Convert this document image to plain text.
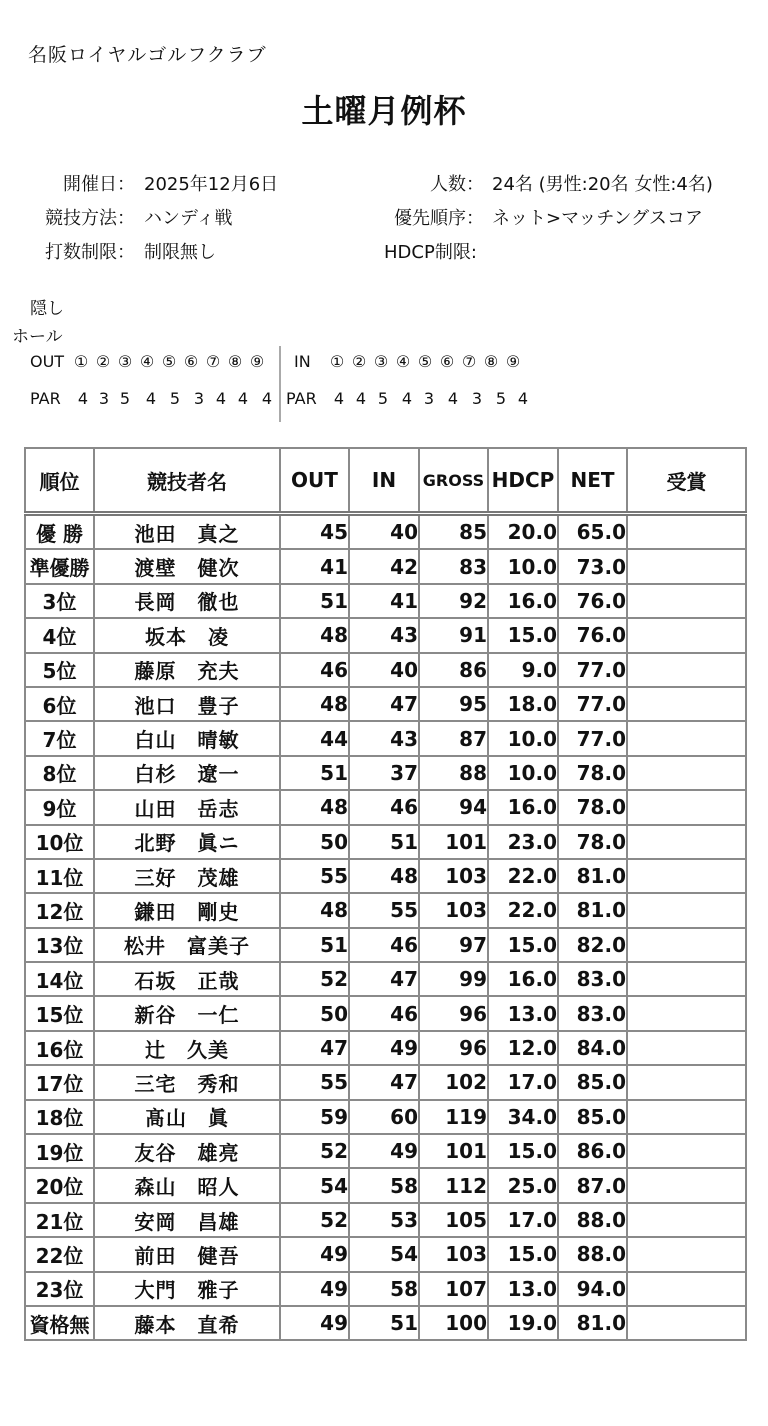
名阪ロイヤルゴルフクラブ
土曜月例杯
開催日： 2025年12月6日	人数： 24名 (男性:20名 女性:4名)
競技方法： ハンディ戦	優先順序： ネット>マッチングスコア
打数制限： 制限無し	HDCP制限:
隠し
ホール
OUT ① ② ③ ④ ⑤ ⑥ ⑦ ⑧ ⑨ IN ① ② ③ ④ ⑤ ⑥ ⑦ ⑧ ⑨
PAR	4 3 5 4 5 3 4 4 4 PAR	4 4 5 4 3 4 3 5 4
順位	競技者名	OUT	IN	GROSS	HDCP	NET	受賞
優 勝	池田　真之	45	40	85	20.0	65.0	
準優勝	渡壁　健次	41	42	83	10.0	73.0	
3位	長岡　徹也	51	41	92	16.0	76.0	
4位	坂本　凌	48	43	91	15.0	76.0	
5位	藤原　充夫	46	40	86	9.0	77.0	
6位	池口　豊子	48	47	95	18.0	77.0	
7位	白山　晴敏	44	43	87	10.0	77.0	
8位	白杉　遼一	51	37	88	10.0	78.0	
9位	山田　岳志	48	46	94	16.0	78.0	
10位	北野　眞ニ	50	51	101	23.0	78.0	
11位	三好　茂雄	55	48	103	22.0	81.0	
12位	鎌田　剛史	48	55	103	22.0	81.0	
13位	松井　富美子	51	46	97	15.0	82.0	
14位	石坂　正哉	52	47	99	16.0	83.0	
15位	新谷　一仁	50	46	96	13.0	83.0	
16位	辻　久美	47	49	96	12.0	84.0	
17位	三宅　秀和	55	47	102	17.0	85.0	
18位	髙山　眞	59	60	119	34.0	85.0	
19位	友谷　雄亮	52	49	101	15.0	86.0	
20位	森山　昭人	54	58	112	25.0	87.0	
21位	安岡　昌雄	52	53	105	17.0	88.0	
22位	前田　健吾	49	54	103	15.0	88.0	
23位	大門　雅子	49	58	107	13.0	94.0	
資格無	藤本　直希	49	51	100	19.0	81.0	
